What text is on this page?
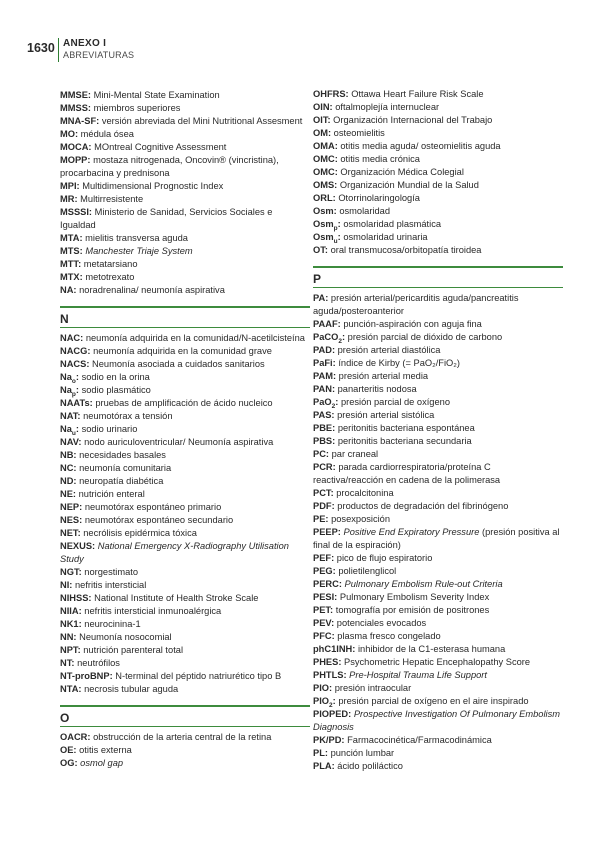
1630 ANEXO I
ABREVIATURAS

MMSE: Mini-Mental State Examination

MMSS: miembros superiores

MNA-SF: versión abreviada del Mini Nutritional Assesment

MO: médula ósea

MOCA: MOntreal Cognitive Assessment

MOPP: mostaza nitrogenada, Oncovin® (vincristina), procarbacina y prednisona

MPI: Multidimensional Prognostic Index

MR: Multirresistente

MSSSI: Ministerio de Sanidad, Servicios Sociales e Igualdad

MTA: mielitis transversa aguda

MTS: Manchester Triaje System

MTT: metatarsiano

MTX: metotrexato

NA: noradrenalina/ neumonía aspirativa

N

NAC: neumonía adquirida en la comunidad/N-acetilcisteína

NACG: neumonía adquirida en la comunidad grave

NACS: Neumonía asociada a cuidados sanitarios

$Na_o$: sodio en la orina

$Na_p$: sodio plasmático

NAATs: pruebas de amplificación de ácido nucleico

NAT: neumotórax a tensión

$Na_u$: sodio urinario

NAV: nodo auriculoventricular/ Neumonía aspirativa

NB: necesidades basales

NC: neumonía comunitaria

ND: neuropatía diabética

NE: nutrición enteral

NEP: neumotórax espontáneo primario

NES: neumotórax espontáneo secundario

NET: necrólisis epidérmica tóxica

NEXUS: National Emergency X-Radiography Utilisation Study

NGT: norgestimato

NI: nefritis intersticial

NIHSS: National Institute of Health Stroke Scale

NIIA: nefritis intersticial inmunoalérgica

NK1: neurocinina-1

NN: Neumonía nosocomial

NPT: nutrición parenteral total

NT: neutrófilos

NT-proBNP: N-terminal del péptido natriurético tipo B

NTA: necrosis tubular aguda

O

OACR: obstrucción de la arteria central de la retina

OE: otitis externa

OG: osmol gap

OHFRS: Ottawa Heart Failure Risk Scale

OIN: oftalmoplejía internuclear

OIT: Organización Internacional del Trabajo

OM: osteomielitis

OMA: otitis media aguda/ osteomielitis aguda

OMC: otitis media crónica

OMC: Organización Médica Colegial

OMS: Organización Mundial de la Salud

ORL: Otorrinolaringología

Osm: osmolaridad

Osm$_p$: osmolaridad plasmática

Osm$_u$: osmolaridad urinaria

OT: oral transmucosa/orbitopatía tiroidea

P

PA: presión arterial/pericarditis aguda/pancreatitis aguda/posteroanterior

PAAF: punción-aspiración con aguja fina

PaCO$_2$: presión parcial de dióxido de carbono

PAD: presión arterial diastólica

PaFi: índice de Kirby (= PaO₂/FiO₂)

PAM: presión arterial media

PAN: panarteritis nodosa

PaO$_2$: presión parcial de oxígeno

PAS: presión arterial sistólica

PBE: peritonitis bacteriana espontánea

PBS: peritonitis bacteriana secundaria

PC: par craneal

PCR: parada cardiorrespiratoria/proteína C reactiva/reacción en cadena de la polimerasa

PCT: procalcitonina

PDF: productos de degradación del fibrinógeno

PE: posexposición

PEEP: Positive End Expiratory Pressure (presión positiva al final de la espiración)

PEF: pico de flujo espiratorio

PEG: polietilenglicol

PERC: Pulmonary Embolism Rule-out Criteria

PESI: Pulmonary Embolism Severity Index

PET: tomografía por emisión de positrones

PEV: potenciales evocados

PFC: plasma fresco congelado

phC1INH: inhibidor de la C1-esterasa humana

PHES: Psychometric Hepatic Encephalopathy Score

PHTLS: Pre-Hospital Trauma Life Support

PIO: presión intraocular

$PIO_2$: presión parcial de oxígeno en el aire inspirado

PIOPED: Prospective Investigation Of Pulmonary Embolism Diagnosis

PK/PD: Farmacocinética/Farmacodinámica

PL: punción lumbar

PLA: ácido poliláctico
